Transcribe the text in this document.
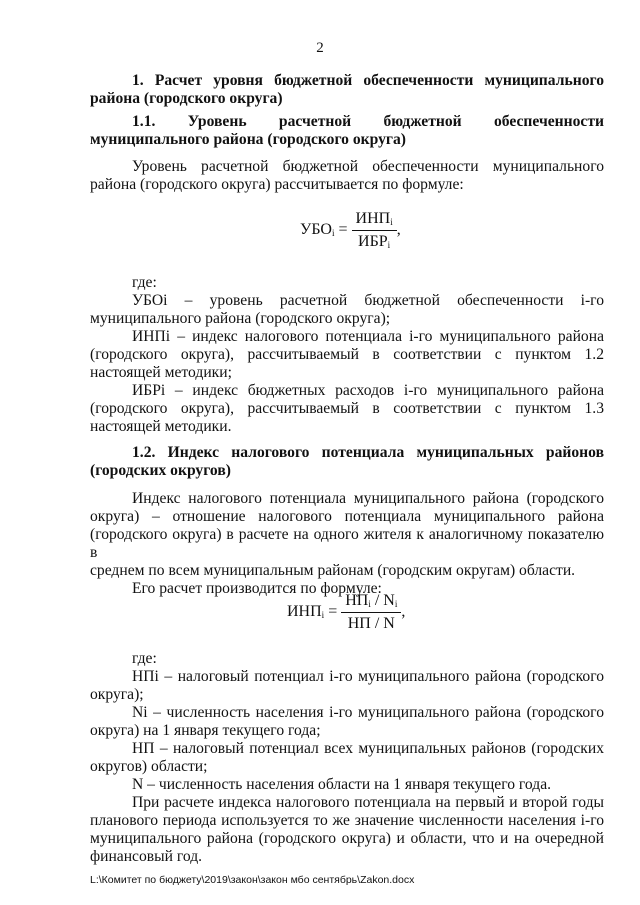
2
1. Расчет уровня бюджетной обеспеченности муниципального
района (городского округа)
1.1. Уровень расчетной бюджетной обеспеченности
муниципального района (городского округа)
Уровень расчетной бюджетной обеспеченности муниципального
района (городского округа) рассчитывается по формуле:
$УБО_i = \frac{ИНП_i}{ИБР_i}$ ,
где:
УБОi – уровень расчетной бюджетной обеспеченности i-го
муниципального района (городского округа);
ИНПi – индекс налогового потенциала i-го муниципального района
(городского округа), рассчитываемый в соответствии с пунктом 1.2
настоящей методики;
ИБРi – индекс бюджетных расходов i-го муниципального района
(городского округа), рассчитываемый в соответствии с пунктом 1.3
настоящей методики.
1.2. Индекс налогового потенциала муниципальных районов
(городских округов)
Индекс налогового потенциала муниципального района (городского
округа) – отношение налогового потенциала муниципального района
(городского округа) в расчете на одного жителя к аналогичному показателю в
среднем по всем муниципальным районам (городским округам) области.
Его расчет производится по формуле:
$ИНП_i = \frac{НП_i / N_i}{НП / N}$ ,
где:
НПi – налоговый потенциал i-го муниципального района (городского
округа);
Ni – численность населения i-го муниципального района (городского
округа) на 1 января текущего года;
НП – налоговый потенциал всех муниципальных районов (городских
округов) области;
N – численность населения области на 1 января текущего года.
При расчете индекса налогового потенциала на первый и второй годы
планового периода используется то же значение численности населения i-го
муниципального района (городского округа) и области, что и на очередной
финансовый год.
L:\Комитет по бюджету\2019\закон\закон мбо сентябрь\Zakon.docx
